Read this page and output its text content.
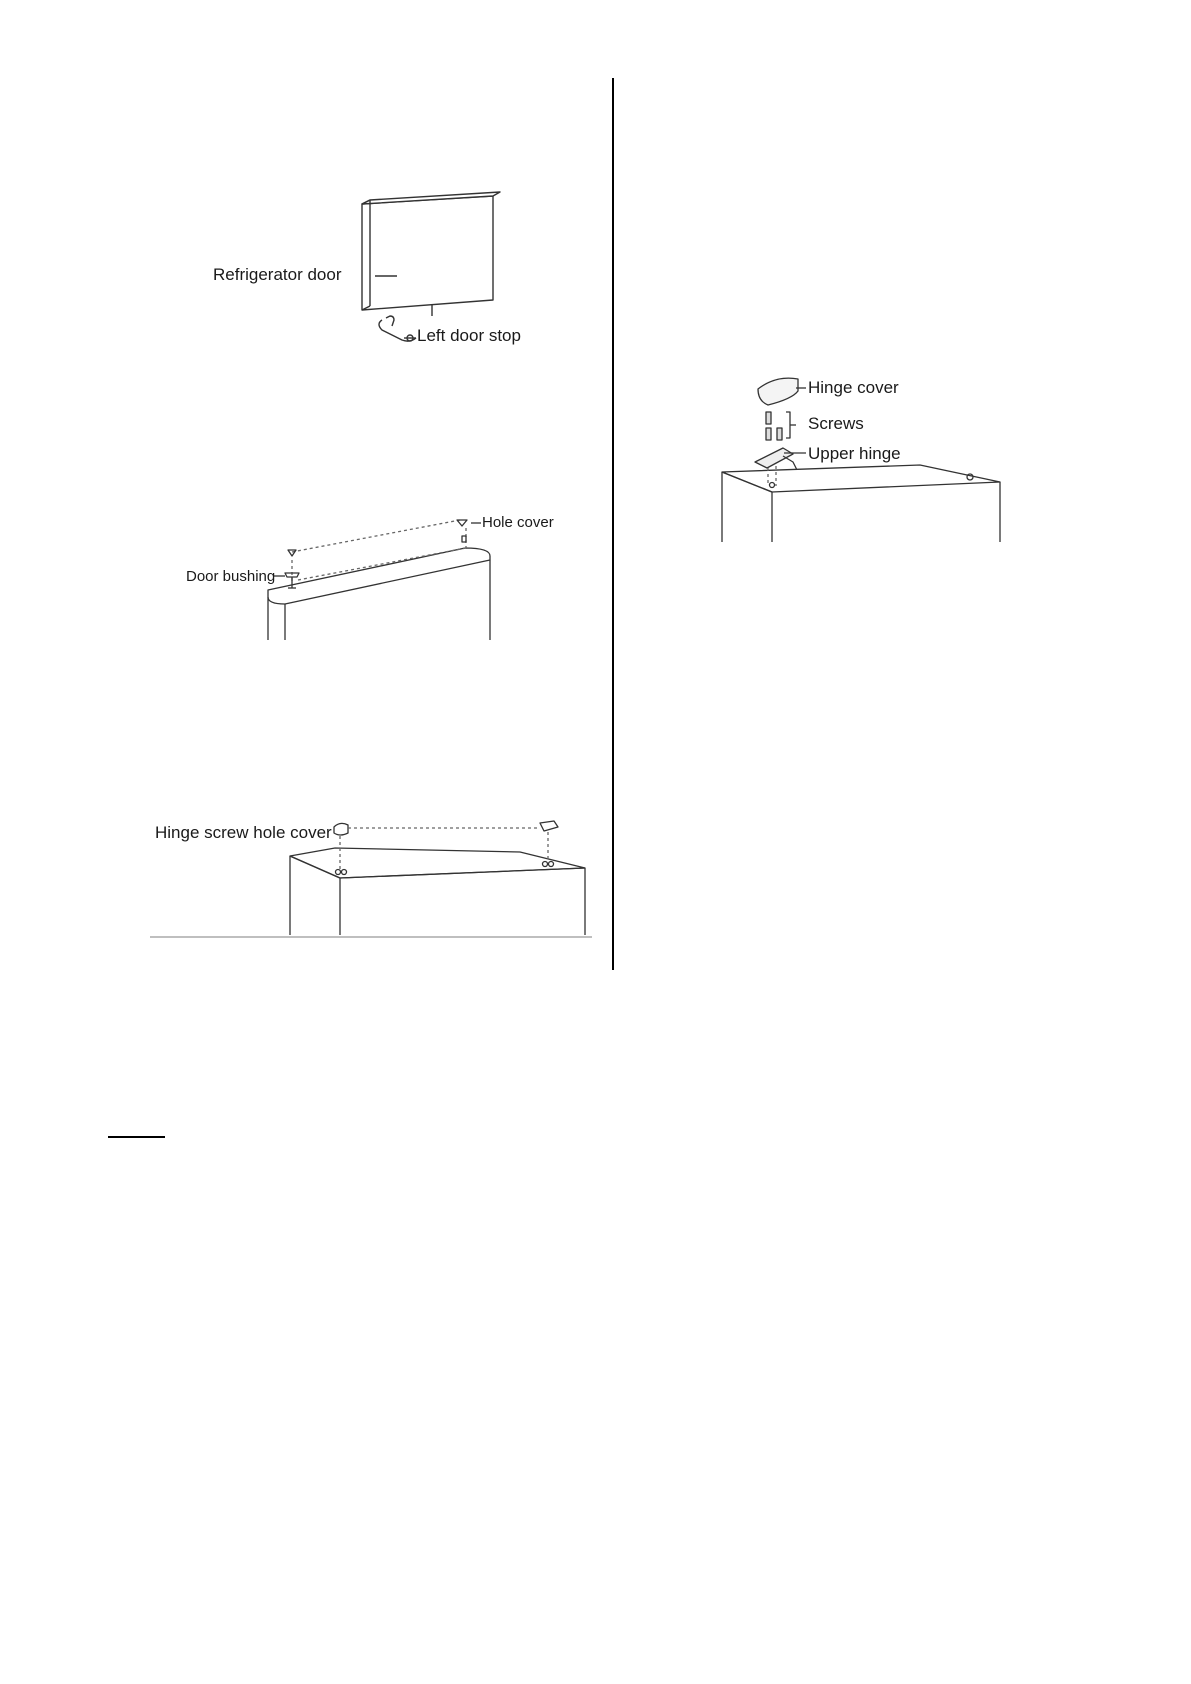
Refrigerator door
Left door stop
Hole cover
Door bushing
Hinge screw hole cover
Hinge cover
Screws
Upper hinge
